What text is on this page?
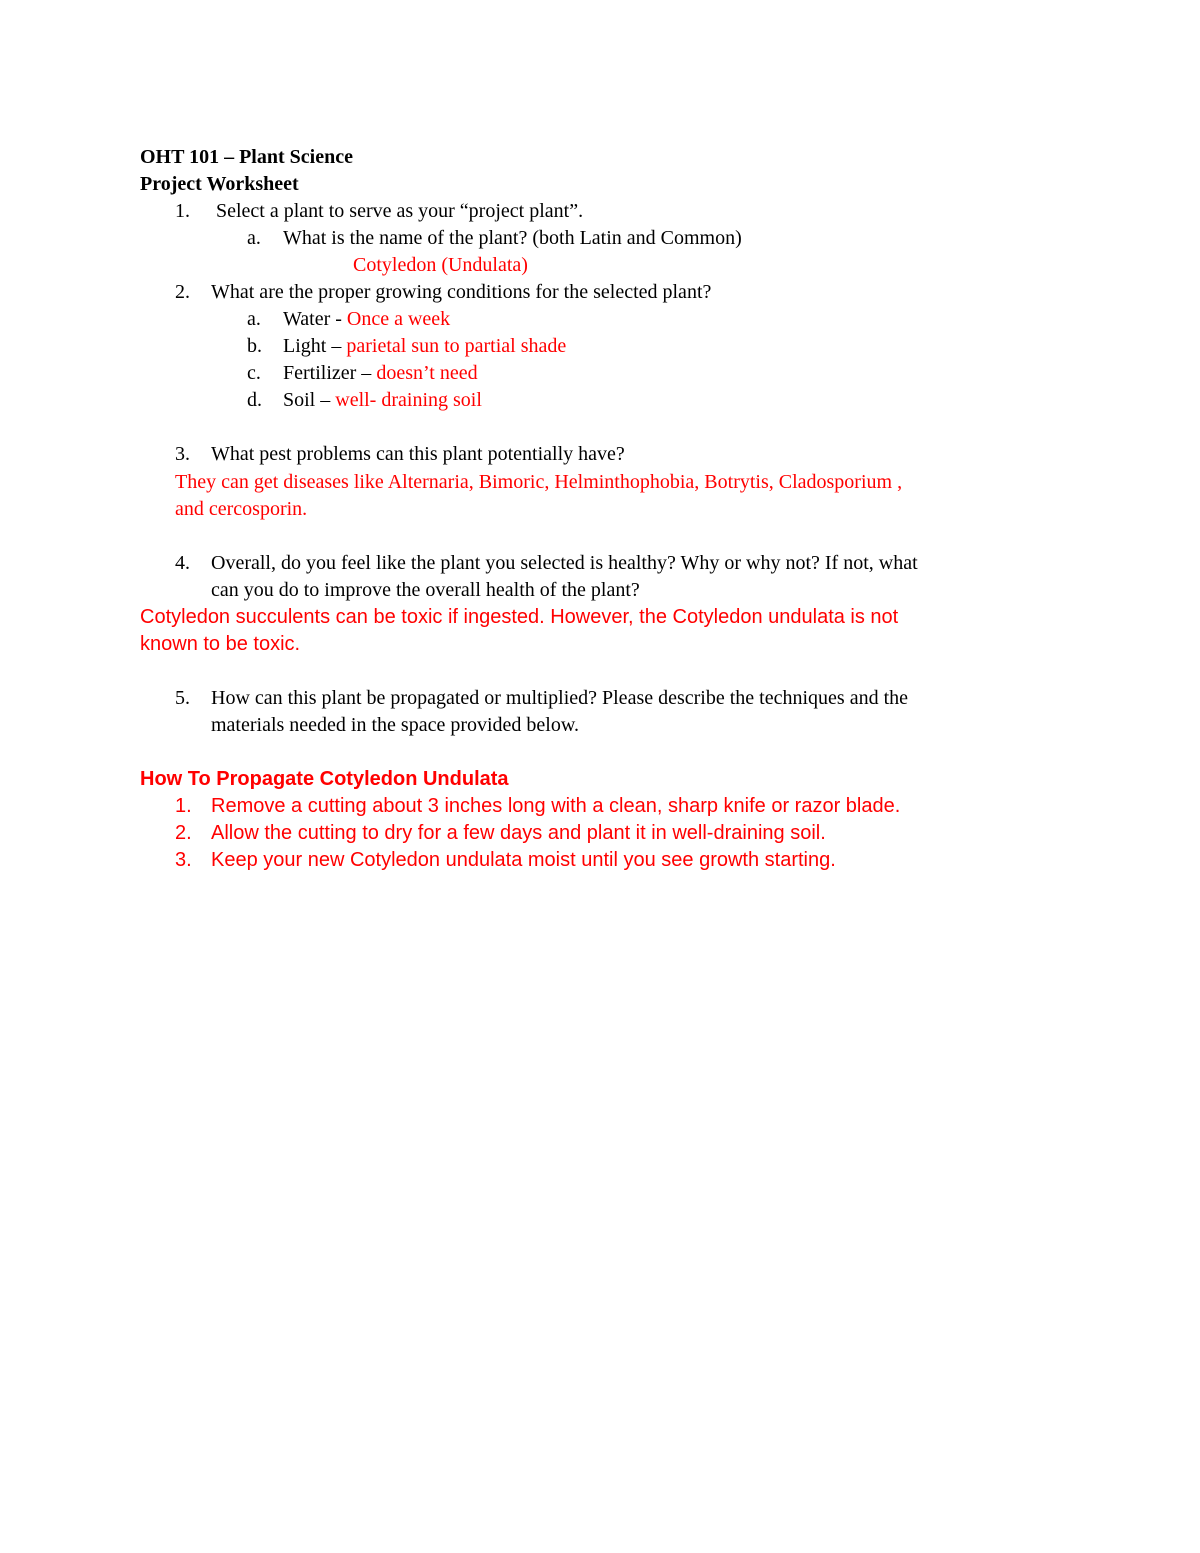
OHT 101 – Plant Science
Project Worksheet
1. Select a plant to serve as your “project plant”.
a. What is the name of the plant? (both Latin and Common)
Cotyledon (Undulata)
2. What are the proper growing conditions for the selected plant?
a. Water - Once a week
b. Light – parietal sun to partial shade
c. Fertilizer – doesn’t need
d. Soil – well- draining soil
3. What pest problems can this plant potentially have?
They can get diseases like Alternaria, Bimoric, Helminthophobia, Botrytis, Cladosporium ,
and cercosporin.
4. Overall, do you feel like the plant you selected is healthy? Why or why not? If not, what
can you do to improve the overall health of the plant?
Cotyledon succulents can be toxic if ingested. However, the Cotyledon undulata is not
known to be toxic.
5. How can this plant be propagated or multiplied? Please describe the techniques and the
materials needed in the space provided below.
How To Propagate Cotyledon Undulata
1. Remove a cutting about 3 inches long with a clean, sharp knife or razor blade.
2. Allow the cutting to dry for a few days and plant it in well-draining soil.
3. Keep your new Cotyledon undulata moist until you see growth starting.
